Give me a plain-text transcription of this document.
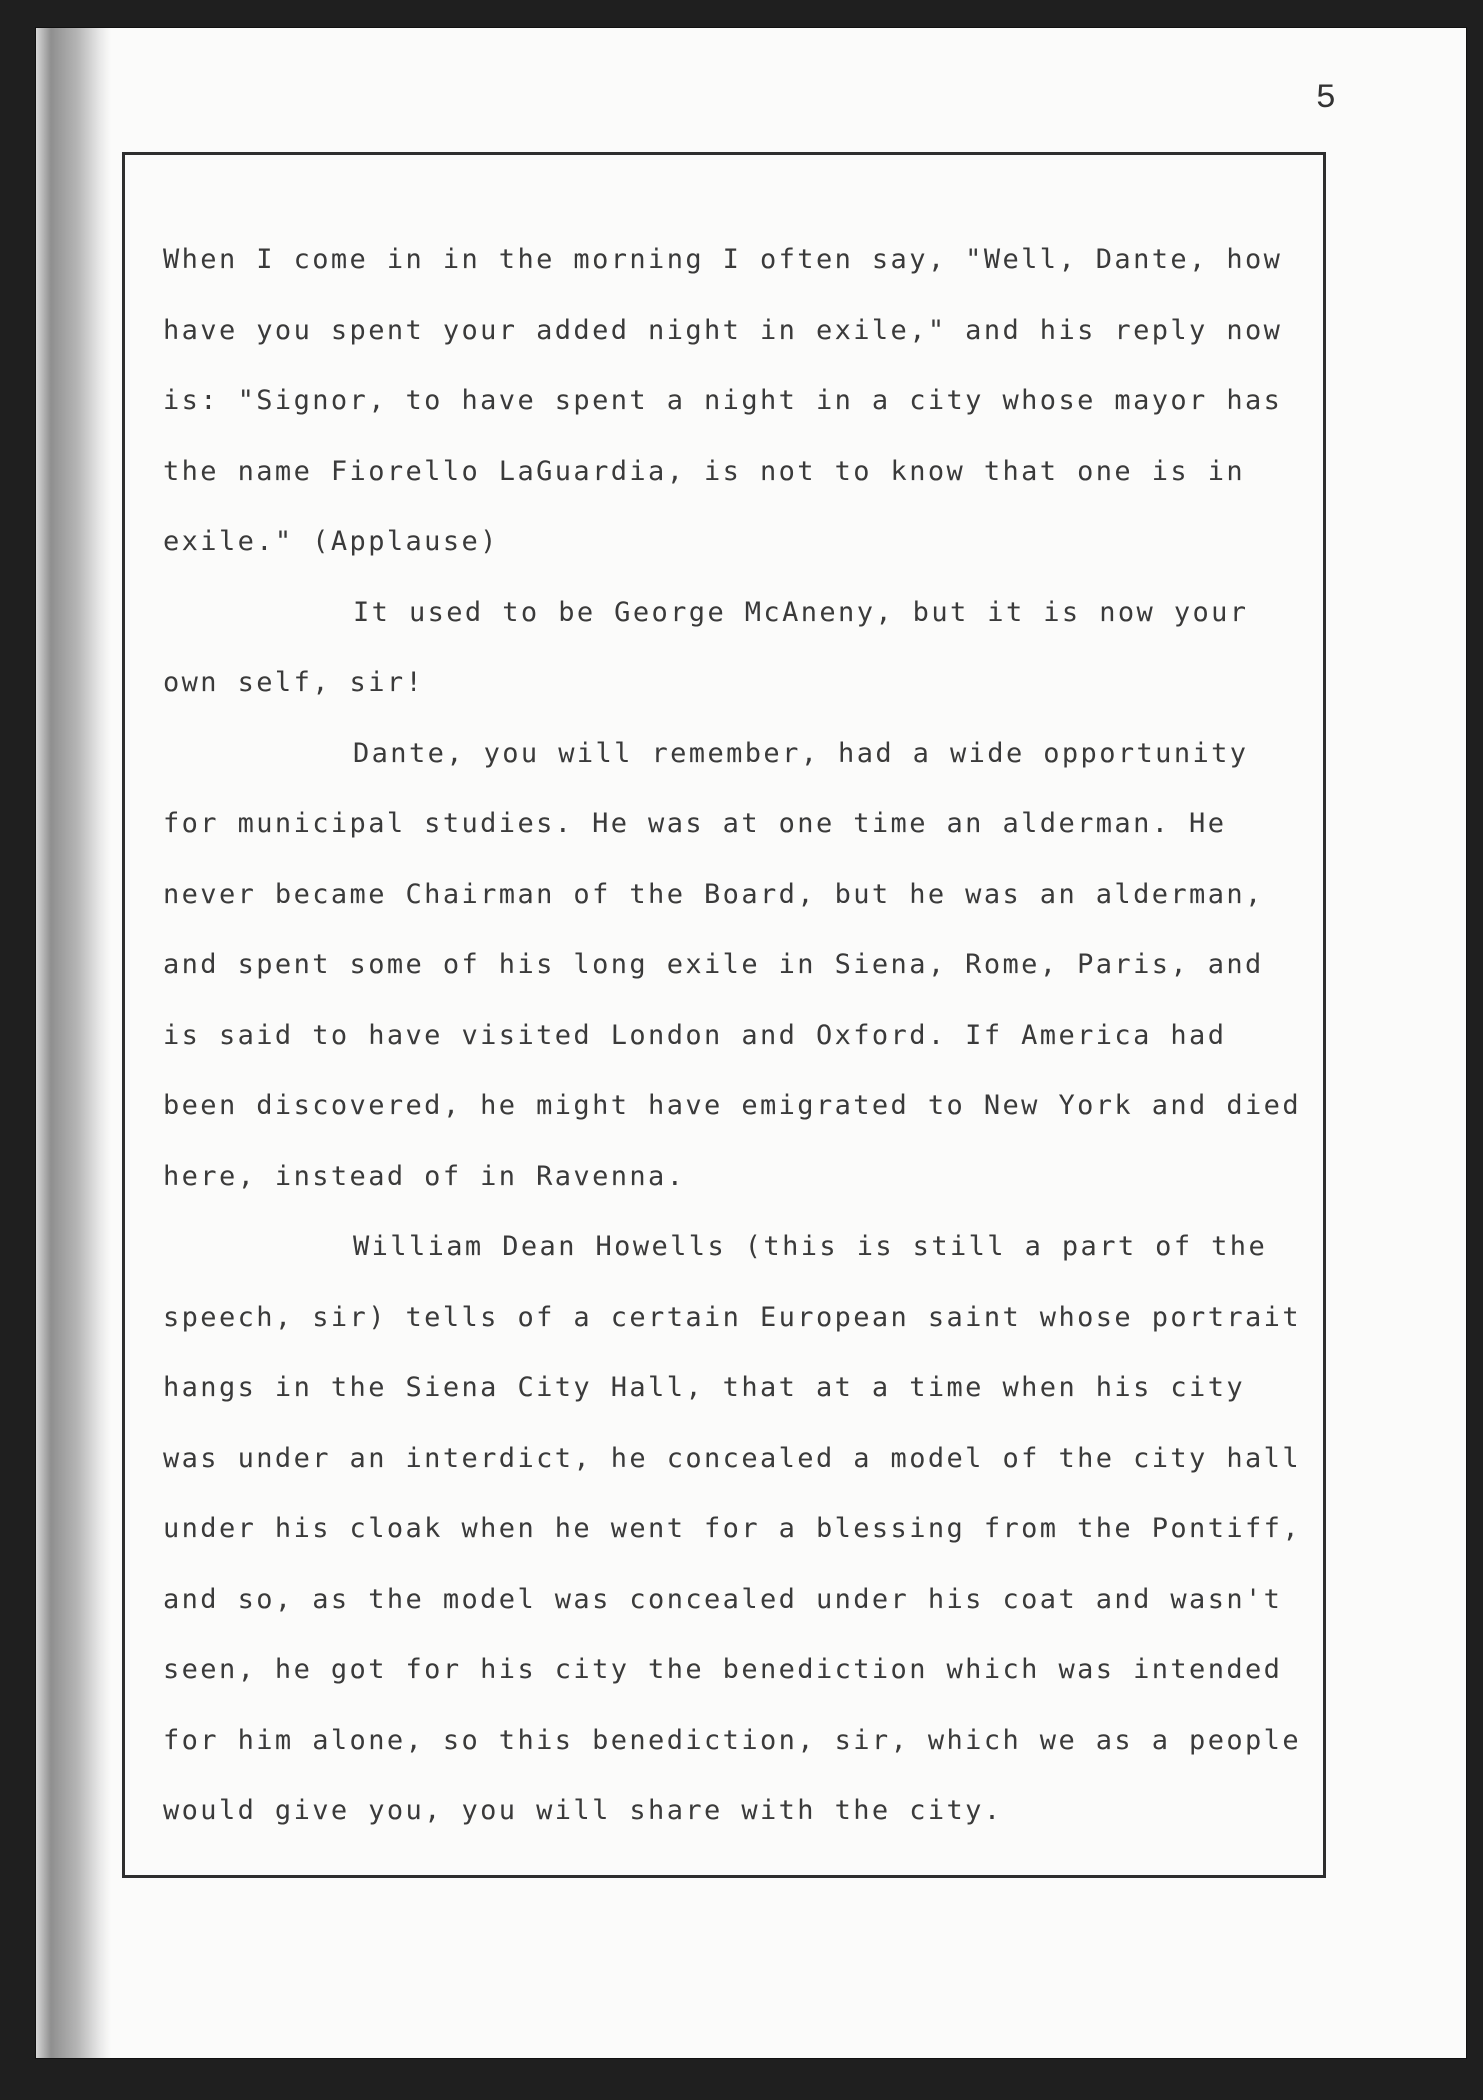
5

When I come in in the morning I often say, "Well, Dante, how have you spent your added night in exile," and his reply now is: "Signor, to have spent a night in a city whose mayor has the name Fiorello LaGuardia, is not to know that one is in exile." (Applause)

It used to be George McAneny, but it is now your own self, sir!

Dante, you will remember, had a wide opportunity for municipal studies. He was at one time an alderman. He never became Chairman of the Board, but he was an alderman, and spent some of his long exile in Siena, Rome, Paris, and is said to have visited London and Oxford. If America had been discovered, he might have emigrated to New York and died here, instead of in Ravenna.

William Dean Howells (this is still a part of the speech, sir) tells of a certain European saint whose portrait hangs in the Siena City Hall, that at a time when his city was under an interdict, he concealed a model of the city hall under his cloak when he went for a blessing from the Pontiff, and so, as the model was concealed under his coat and wasn't seen, he got for his city the benediction which was intended for him alone, so this benediction, sir, which we as a people would give you, you will share with the city.
